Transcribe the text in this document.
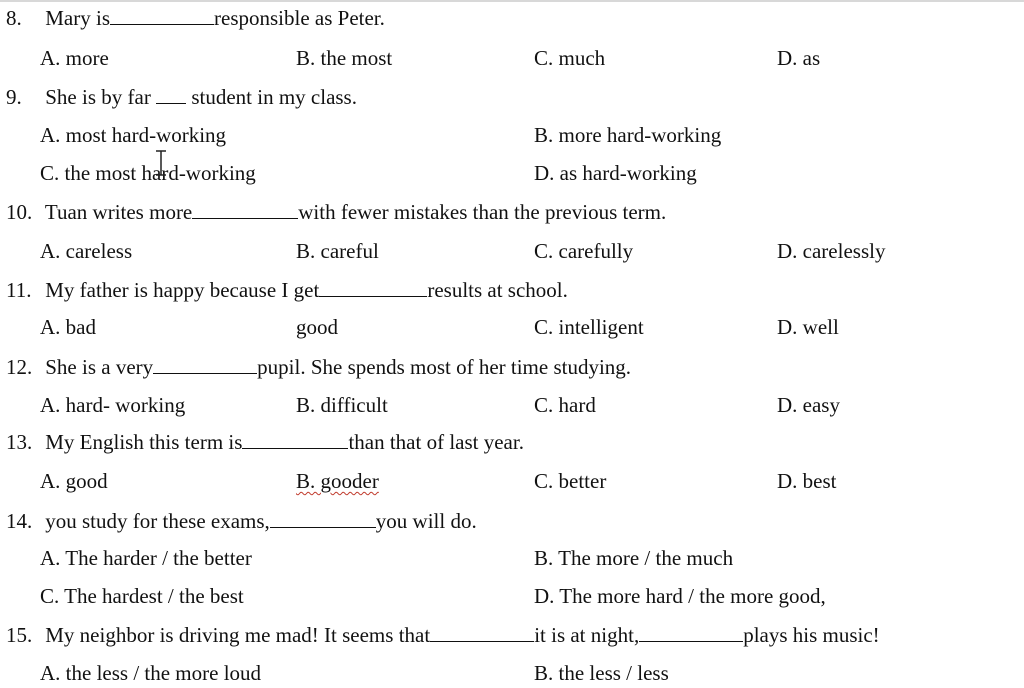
8. Mary is	responsible as Peter.
A. more	B. the most	C. much	D. as
9. She is by far student in my class.
A. most hard-working	B. more hard-working
C. the most hard-working	D. as hard-working
10. Tuan writes more	with fewer mistakes than the previous term.
A. careless	B. careful	C. carefully	D. carelessly
11. My father is happy because I get	results at school.
A. bad	good	C. intelligent	D. well
12. She is a very	pupil. She spends most of her time studying.
A. hard- working	B. difficult	C. hard	D. easy
13. My English this term is	than that of last year.
A. good	B. gooder	C. better	D. best
14. you study for these exams,	you will do.
A. The harder / the better	B. The more / the much
C. The hardest / the best	D. The more hard / the more good,
15. My neighbor is driving me mad! It seems that	it is at night,	plays his music!
A. the less / the more loud	B. the less / less
